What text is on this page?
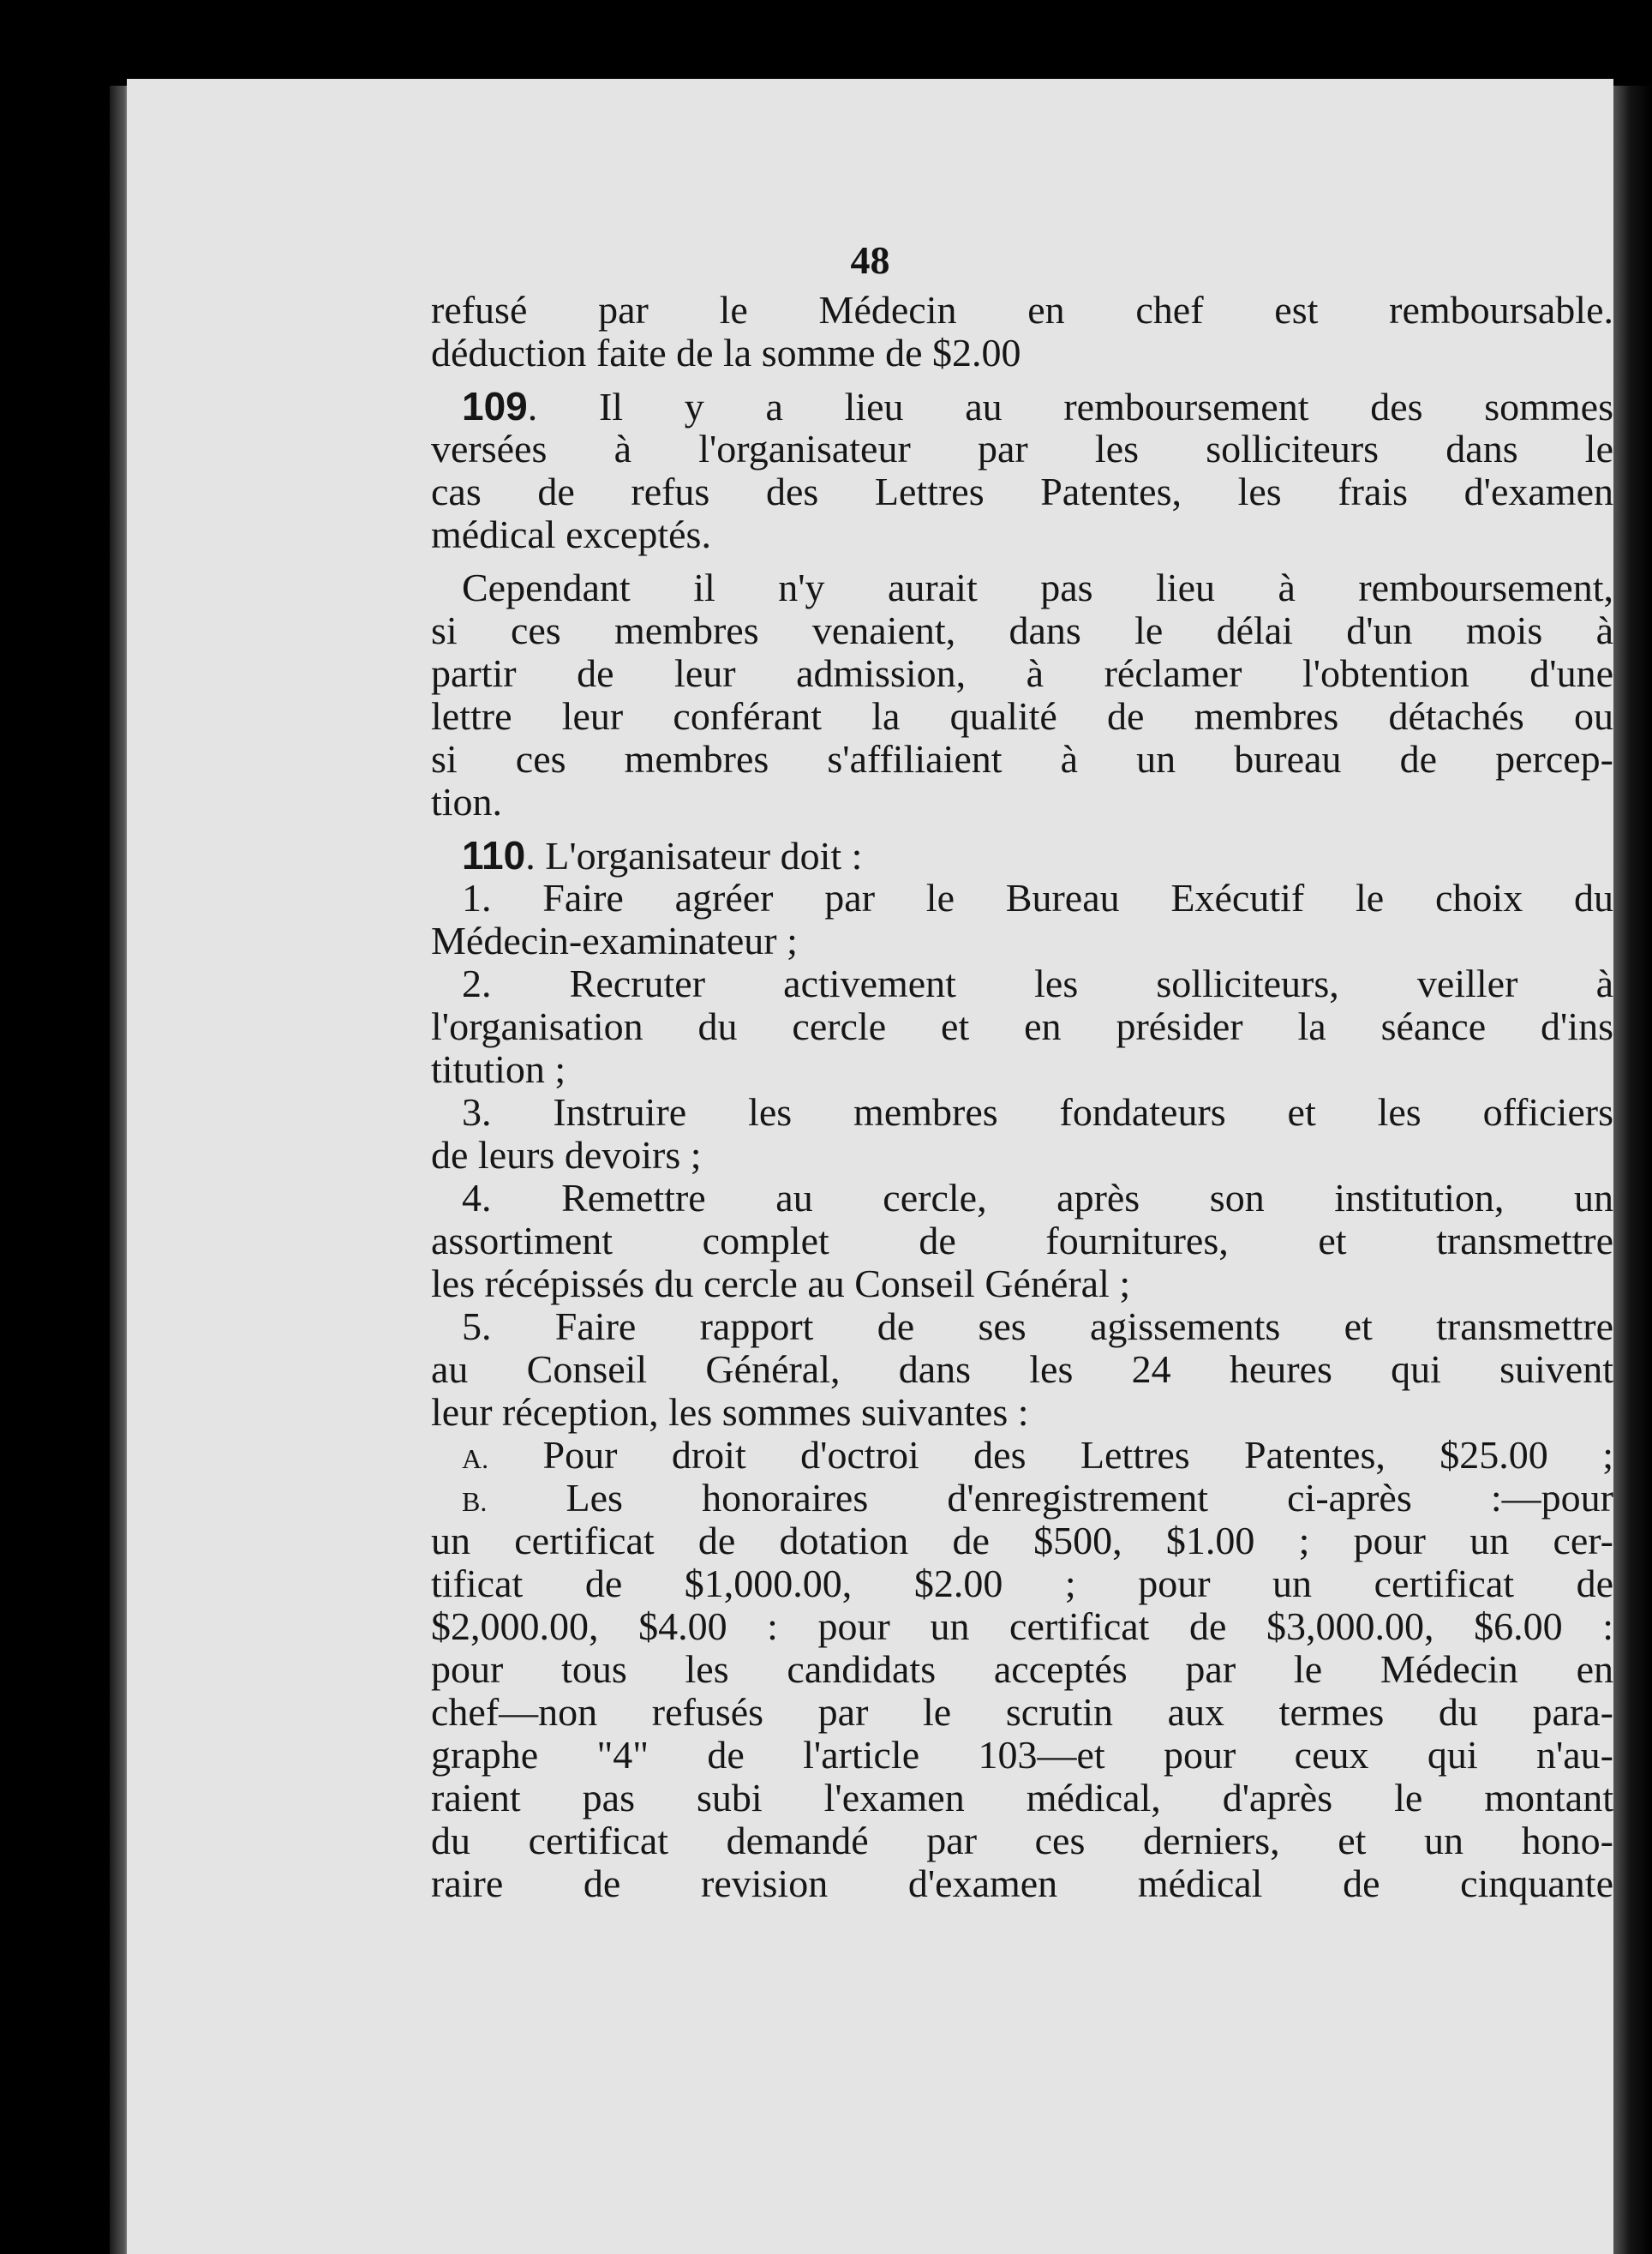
48
refusé par le Médecin en chef est remboursable.
déduction faite de la somme de $2.00
109. Il y a lieu au remboursement des sommes
versées à l'organisateur par les solliciteurs dans le
cas de refus des Lettres Patentes, les frais d'examen
médical exceptés.
Cependant il n'y aurait pas lieu à remboursement,
si ces membres venaient, dans le délai d'un mois à
partir de leur admission, à réclamer l'obtention d'une
lettre leur conférant la qualité de membres détachés ou
si ces membres s'affiliaient à un bureau de percep-
tion.
110. L'organisateur doit :
1. Faire agréer par le Bureau Exécutif le choix du
Médecin-examinateur ;
2. Recruter activement les solliciteurs, veiller à
l'organisation du cercle et en présider la séance d'ins
titution ;
3. Instruire les membres fondateurs et les officiers
de leurs devoirs ;
4. Remettre au cercle, après son institution, un
assortiment complet de fournitures, et transmettre
les récépissés du cercle au Conseil Général ;
5. Faire rapport de ses agissements et transmettre
au Conseil Général, dans les 24 heures qui suivent
leur réception, les sommes suivantes :
A. Pour droit d'octroi des Lettres Patentes, $25.00 ;
B. Les honoraires d'enregistrement ci-après :—pour
un certificat de dotation de $500, $1.00 ; pour un cer-
tificat de $1,000.00, $2.00 ; pour un certificat de
$2,000.00, $4.00 : pour un certificat de $3,000.00, $6.00 :
pour tous les candidats acceptés par le Médecin en
chef—non refusés par le scrutin aux termes du para-
graphe "4" de l'article 103—et pour ceux qui n'au-
raient pas subi l'examen médical, d'après le montant
du certificat demandé par ces derniers, et un hono-
raire de revision d'examen médical de cinquante
